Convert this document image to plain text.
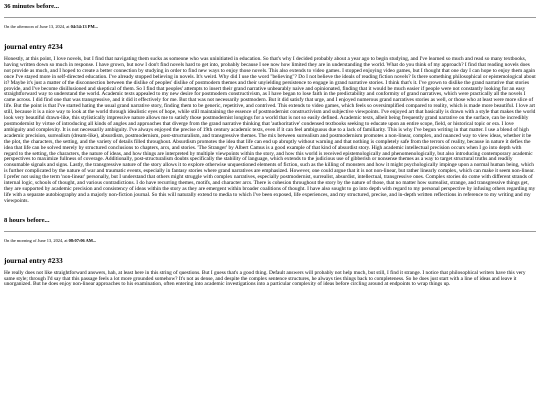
36 minutes before...
On the afternoon of June 13, 2024, at 04:54:13 PM...
journal entry #234
Honestly, at this point, I love novels, but I find that navigating them sucks as someone who was uninitiated in education. So that's why I decided probably about a year ago to begin studying, and I've learned so much and read so many textbooks, having written down so much in response. I have grown, but now I don't find novels hard to get into, probably because I see now how limited they are in understanding the world. What do you think of my approach? I find that reading novels does not provide as much, and I hoped to create a better connection by studying in order to find new ways to enjoy those novels. This also extends to video games. I stopped enjoying video games, but I thought that one day I can hope to enjoy them again once I've stayed more in self-directed education. I've already stopped believing in novels. It's weird. Why did I use the word "believing"? Do I not believe the ideals of reading fiction novels? Is there something philosophical or epistemological about it? Maybe it's just a matter of the disconnection between the dislike of peoples' dislike of postmodern themes and their unyielding persistence to engage in grand narrative stories. I think that's it. I've grown to dislike the grand narrative that stories provide, and I've become disillusioned and skeptical of them. So I find that peoples' attempts to insert their grand narrative unbearably naive and opinionated, finding that it would be much easier if people were not constantly looking for an easy straightforward way to understand the world. Academic texts appealed to my new desire for postmodern constructivism, as I have began to lose faith in the predictability and conformity of grand narratives, which were practically all the novels I came across. I did find one that was transgressive, and it did it effectively for me. But that was not necessarily postmodern. But it did satisfy that urge, and I enjoyed numerous grand narratives stories as well, or those who at least were more slice of life. But the point is that I've started hating the usual grand narrative story, finding them to be generic, repetitive, and contrived. This extends to video games, which feels so oversimplified compared to reality, which is made more beautiful. I love art still, because it is a nice way to look at the world through idealistic eyes of hope, while still maintaining the essence of postmodernist constructivism and subjective viewpoints. I've enjoyed art that basically is drawn with a style that makes the world look very beautiful drawn-like, this stylistically impressive nature allows me to satisfy those postmodernist longings for a world that is not so easily defined. Academic texts, albeit being frequently grand narrative on the surface, can be incredibly postmodernist by virtue of introducing all kinds of angles and approaches that diverge from the grand narrative thinking that 'authoritative' condensed textbooks seeking to educate upon an entire scope, field, or historical topic or era. I love ambiguity and complexity. It is not necessarily ambiguity. I've always enjoyed the precise of 19th century academic texts, even if it can feel ambiguous due to a lack of familiarity. This is why I've begun writing in that matter. I use a blend of high academic precision, surrealism (dream-like), absurdism, postmodernism, post-structuralism, and transgressive themes. The mix between surrealism and postmodernism promotes a non-linear, complex, and nuanced way to view ideas, whether it be the plot, the characters, the setting, and the variety of details filled throughout. Absurdism promotes the idea that life can end up abruptly without warning and that nothing is completely safe from the terrors of reality, because in nature it defies the idea that life can be solved merely by structured conclusions to chapters, arcs, and stories. 'The Stranger' by Albert Camus is a good example of that kind of absurdist story. High academic intellectual precision occurs when I go into depth with regard to the setting, the characters, the nature of ideas, and how things are interpreted by multiple viewpoints within the story, and how this world is received epistemologically and phenomenologically, but also introducing contemporary academic perspectives to maximize fullness of coverage. Additionally, post-structuralism doubts specifically the stability of language, which extends to the judicious use of gibberish or nonsense themes as a way to target structural truths and readily consumable signals and signs. Lastly, the transgressive nature of the story allows it to explore otherwise unquestioned elements of fiction, such as the killing of monsters and how it might psychologically impinge upon a normal human being, which is further complicated by the nature of war and traumatic events, especially in fantasy stories where grand narratives are emphasized. However, one could argue that it is not non-linear, but rather linearly complex, which can make it seem non-linear. I prefer not using the term 'non-linear' personally, but I understand that others might struggle with complex narratives, especially postmodernist, surrealist, absurdist, intellectual, transgressive ones. Complex stories do come with different strands of internal logic, schools of thought, and various contradictions. I do have recurring themes, motifs, and character arcs. There is cohesion throughout the story by the nature of those, that no matter how surrealist, strange, and transgressive things get, they are supported by academic precision and consistency of ideas within the story as they are emergent within broader coalitions of thought. I have also sought to go into depth with regard to my personal perspective by infusing others regarding my life with a separate autobiography and a majorly non-fiction journal. So this will naturally extend to media to which I've been exposed, life experiences, and my structured, precise, and in-depth written reflections in reference to my writing and my viewpoints.
8 hours before...
On the morning of June 13, 2024, at 08:07:06 AM...
journal entry #233
He really does not like straightforward answers, hah, at least here in this string of questions. But I guess that's a good thing. Default answers will probably not help much, but still, I find it strange. I notice that philosophical writers have this very same style; through I'd say that this passage feels a lot more grounded somehow? It's not as dense, and despite the complex sentence structures, he always ties things back to completeness. So he does just start with a line of ideas and leave it unorganized. But he does enjoy non-linear approaches to his examination, often entering into academic investigations into a particular complexity of ideas before circling around at endpoints to wrap things up.
